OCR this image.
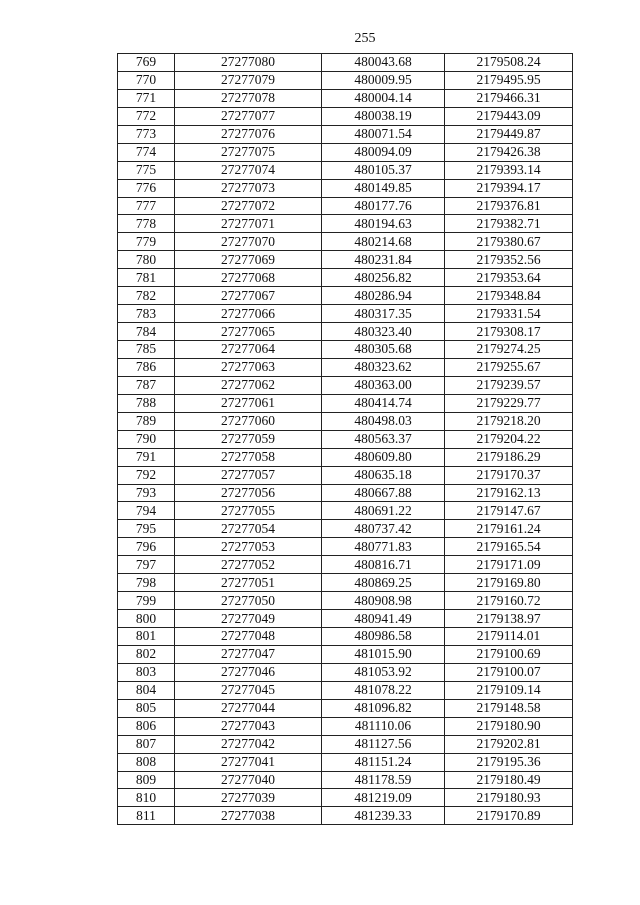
255
769	27277080	480043.68	2179508.24
770	27277079	480009.95	2179495.95
771	27277078	480004.14	2179466.31
772	27277077	480038.19	2179443.09
773	27277076	480071.54	2179449.87
774	27277075	480094.09	2179426.38
775	27277074	480105.37	2179393.14
776	27277073	480149.85	2179394.17
777	27277072	480177.76	2179376.81
778	27277071	480194.63	2179382.71
779	27277070	480214.68	2179380.67
780	27277069	480231.84	2179352.56
781	27277068	480256.82	2179353.64
782	27277067	480286.94	2179348.84
783	27277066	480317.35	2179331.54
784	27277065	480323.40	2179308.17
785	27277064	480305.68	2179274.25
786	27277063	480323.62	2179255.67
787	27277062	480363.00	2179239.57
788	27277061	480414.74	2179229.77
789	27277060	480498.03	2179218.20
790	27277059	480563.37	2179204.22
791	27277058	480609.80	2179186.29
792	27277057	480635.18	2179170.37
793	27277056	480667.88	2179162.13
794	27277055	480691.22	2179147.67
795	27277054	480737.42	2179161.24
796	27277053	480771.83	2179165.54
797	27277052	480816.71	2179171.09
798	27277051	480869.25	2179169.80
799	27277050	480908.98	2179160.72
800	27277049	480941.49	2179138.97
801	27277048	480986.58	2179114.01
802	27277047	481015.90	2179100.69
803	27277046	481053.92	2179100.07
804	27277045	481078.22	2179109.14
805	27277044	481096.82	2179148.58
806	27277043	481110.06	2179180.90
807	27277042	481127.56	2179202.81
808	27277041	481151.24	2179195.36
809	27277040	481178.59	2179180.49
810	27277039	481219.09	2179180.93
811	27277038	481239.33	2179170.89
